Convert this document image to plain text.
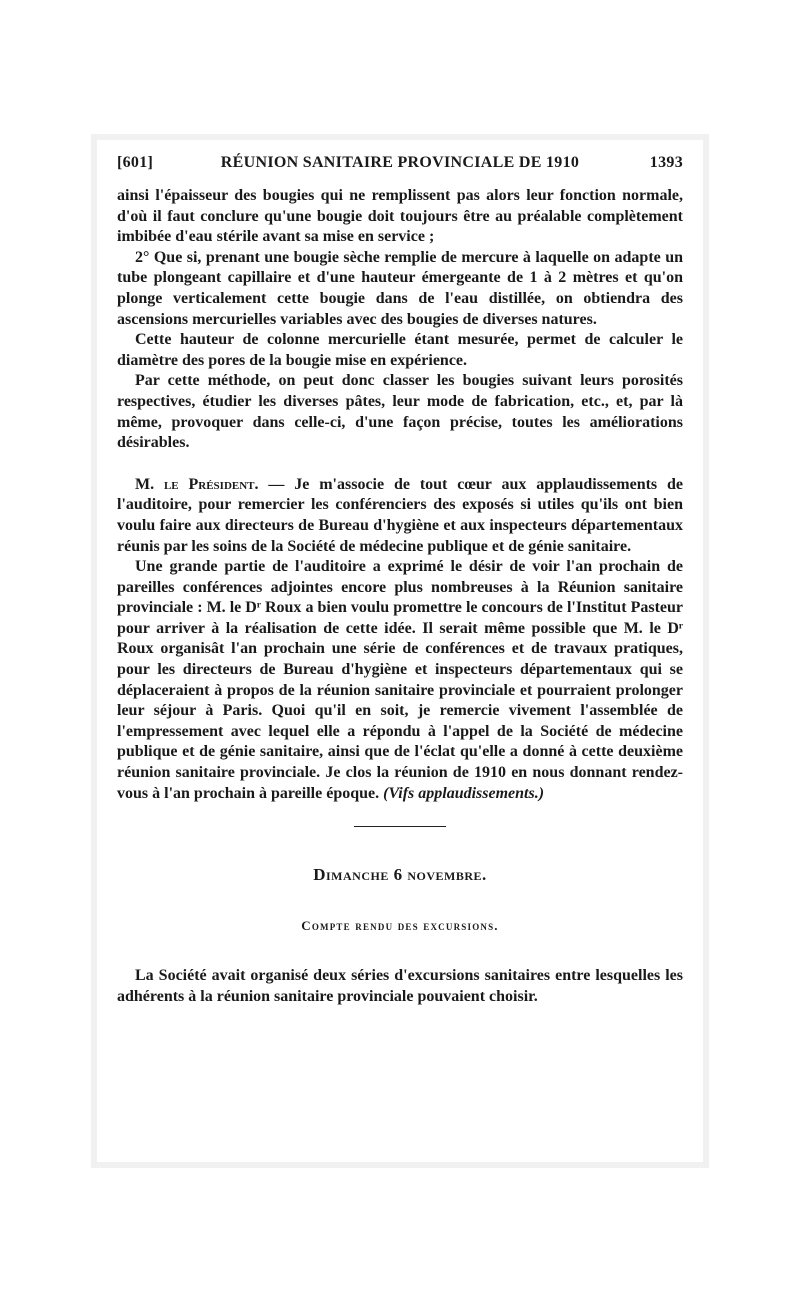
[601]	RÉUNION SANITAIRE PROVINCIALE DE 1910	1393

ainsi l'épaisseur des bougies qui ne remplissent pas alors leur fonction normale, d'où il faut conclure qu'une bougie doit toujours être au préalable complètement imbibée d'eau stérile avant sa mise en service ;

2° Que si, prenant une bougie sèche remplie de mercure à laquelle on adapte un tube plongeant capillaire et d'une hauteur émergeante de 1 à 2 mètres et qu'on plonge verticalement cette bougie dans de l'eau distillée, on obtiendra des ascensions mercurielles variables avec des bougies de diverses natures.

Cette hauteur de colonne mercurielle étant mesurée, permet de calculer le diamètre des pores de la bougie mise en expérience.

Par cette méthode, on peut donc classer les bougies suivant leurs porosités respectives, étudier les diverses pâtes, leur mode de fabrication, etc., et, par là même, provoquer dans celle-ci, d'une façon précise, toutes les améliorations désirables.

M. le Président. — Je m'associe de tout cœur aux applaudissements de l'auditoire, pour remercier les conférenciers des exposés si utiles qu'ils ont bien voulu faire aux directeurs de Bureau d'hygiène et aux inspecteurs départementaux réunis par les soins de la Société de médecine publique et de génie sanitaire.

Une grande partie de l'auditoire a exprimé le désir de voir l'an prochain de pareilles conférences adjointes encore plus nombreuses à la Réunion sanitaire provinciale : M. le Dʳ Roux a bien voulu promettre le concours de l'Institut Pasteur pour arriver à la réalisation de cette idée. Il serait même possible que M. le Dʳ Roux organisât l'an prochain une série de conférences et de travaux pratiques, pour les directeurs de Bureau d'hygiène et inspecteurs départementaux qui se déplaceraient à propos de la réunion sanitaire provinciale et pourraient prolonger leur séjour à Paris. Quoi qu'il en soit, je remercie vivement l'assemblée de l'empressement avec lequel elle a répondu à l'appel de la Société de médecine publique et de génie sanitaire, ainsi que de l'éclat qu'elle a donné à cette deuxième réunion sanitaire provinciale. Je clos la réunion de 1910 en nous donnant rendez-vous à l'an prochain à pareille époque. (Vifs applaudissements.)

Dimanche 6 novembre.
Compte rendu des excursions.

La Société avait organisé deux séries d'excursions sanitaires entre lesquelles les adhérents à la réunion sanitaire provinciale pouvaient choisir.
